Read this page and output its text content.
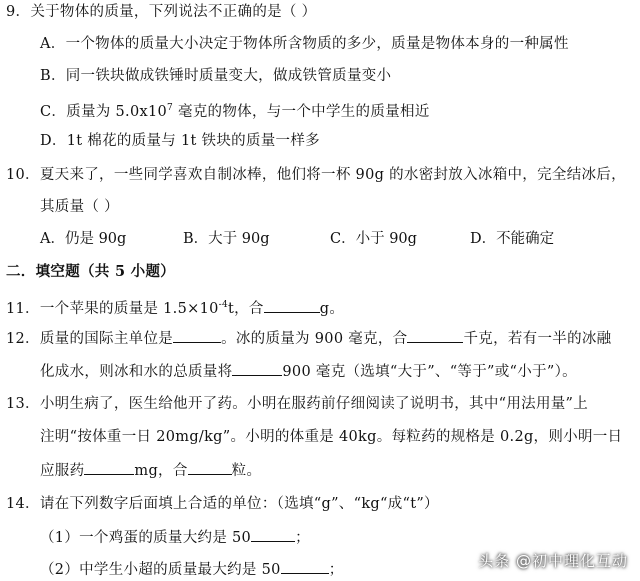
9．关于物体的质量，下列说法不正确的是（ ）
A．一个物体的质量大小决定于物体所含物质的多少，质量是物体本身的一种属性
B．同一铁块做成铁锤时质量变大，做成铁管质量变小
C．质量为 $5.0x10^7$ 毫克的物体，与一个中学生的质量相近
D．1t 棉花的质量与 1t 铁块的质量一样多
10．夏天来了，一些同学喜欢自制冰棒，他们将一杯 90g 的水密封放入冰箱中，完全结冰后，
其质量（ ）
A．仍是 90g	B．大于 90g	C．小于 90g	D．不能确定
二．填空题（共 5 小题）
11．一个苹果的质量是 $1.5\times 10^{-4}t$，合	g。
12．质量的国际主单位是	。冰的质量为 900 毫克，合	千克，若有一半的冰融
化成水，则冰和水的总质量将	900 毫克（选填“大于”、“等于”或“小于”）。
13．小明生病了，医生给他开了药。小明在服药前仔细阅读了说明书，其中“用法用量”上
注明“按体重一日 20mg/kg”。小明的体重是 40kg。每粒药的规格是 0.2g，则小明一日
应服药	mg，合	粒。
14．请在下列数字后面填上合适的单位：（选填“g”、“kg“成“t”）
（1）一个鸡蛋的质量大约是 50	；
（2）中学生小超的质量最大约是 50	；	头条 @初中理化互动
